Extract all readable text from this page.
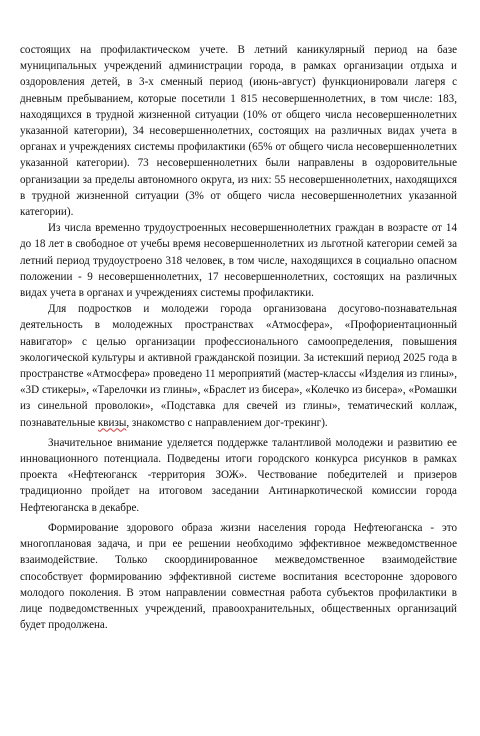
состоящих на профилактическом учете. В летний каникулярный период на базе муниципальных учреждений администрации города, в рамках организации отдыха и оздоровления детей, в 3-х сменный период (июнь-август) функционировали лагеря с дневным пребыванием, которые посетили 1 815 несовершеннолетних, в том числе: 183, находящихся в трудной жизненной ситуации (10% от общего числа несовершеннолетних указанной категории), 34 несовершеннолетних, состоящих на различных видах учета в органах и учреждениях системы профилактики (65% от общего числа несовершеннолетних указанной категории). 73 несовершеннолетних были направлены в оздоровительные организации за пределы автономного округа, из них: 55 несовершеннолетних, находящихся в трудной жизненной ситуации (3% от общего числа несовершеннолетних указанной категории).

Из числа временно трудоустроенных несовершеннолетних граждан в возрасте от 14 до 18 лет в свободное от учебы время несовершеннолетних из льготной категории семей за летний период трудоустроено 318 человек, в том числе, находящихся в социально опасном положении - 9 несовершеннолетних, 17 несовершеннолетних, состоящих на различных видах учета в органах и учреждениях системы профилактики.

Для подростков и молодежи города организована досугово-познавательная деятельность в молодежных пространствах «Атмосфера», «Профориентационный навигатор» с целью организации профессионального самоопределения, повышения экологической культуры и активной гражданской позиции. За истекший период 2025 года в пространстве «Атмосфера» проведено 11 мероприятий (мастер-классы «Изделия из глины», «3D стикеры», «Тарелочки из глины», «Браслет из бисера», «Колечко из бисера», «Ромашки из синельной проволоки», «Подставка для свечей из глины», тематический коллаж, познавательные квизы, знакомство с направлением дог-трекинг).

Значительное внимание уделяется поддержке талантливой молодежи и развитию ее инновационного потенциала. Подведены итоги городского конкурса рисунков в рамках проекта «Нефтеюганск -территория ЗОЖ». Чествование победителей и призеров традиционно пройдет на итоговом заседании Антинаркотической комиссии города Нефтеюганска в декабре.

Формирование здорового образа жизни населения города Нефтеюганска - это многоплановая задача, и при ее решении необходимо эффективное межведомственное взаимодействие. Только скоординированное межведомственное взаимодействие способствует формированию эффективной системе воспитания всесторонне здорового молодого поколения. В этом направлении совместная работа субъектов профилактики в лице подведомственных учреждений, правоохранительных, общественных организаций будет продолжена.
